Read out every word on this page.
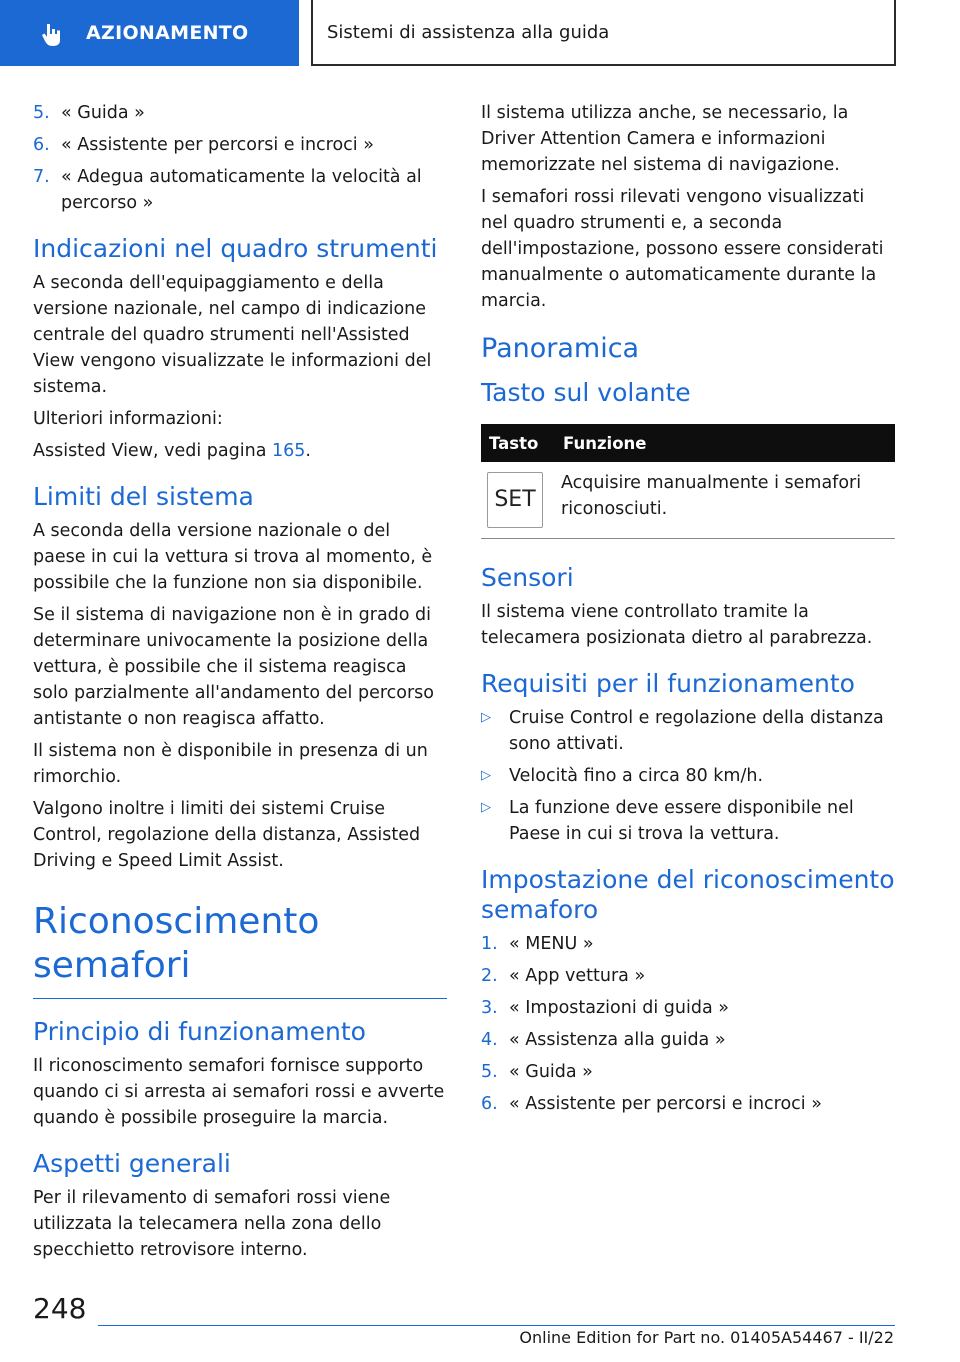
AZIONAMENTO	Sistemi di assistenza alla guida
5. « Guida »
6. « Assistente per percorsi e incroci »
7. « Adegua automaticamente la velocità al percorso »
Indicazioni nel quadro strumenti

A seconda dell'equipaggiamento e della versione nazionale, nel campo di indicazione centrale del quadro strumenti nell'Assisted View vengono visualizzate le informazioni del sistema.

Ulteriori informazioni:

Assisted View, vedi pagina 165.

Limiti del sistema

A seconda della versione nazionale o del paese in cui la vettura si trova al momento, è possibile che la funzione non sia disponibile.

Se il sistema di navigazione non è in grado di determinare univocamente la posizione della vettura, è possibile che il sistema reagisca solo parzialmente all'andamento del percorso antistante o non reagisca affatto.

Il sistema non è disponibile in presenza di un rimorchio.

Valgono inoltre i limiti dei sistemi Cruise Control, regolazione della distanza, Assisted Driving e Speed Limit Assist.

Riconoscimento semafori
Principio di funzionamento

Il riconoscimento semafori fornisce supporto quando ci si arresta ai semafori rossi e avverte quando è possibile proseguire la marcia.

Aspetti generali

Per il rilevamento di semafori rossi viene utilizzata la telecamera nella zona dello specchietto retrovisore interno.

Il sistema utilizza anche, se necessario, la Driver Attention Camera e informazioni memorizzate nel sistema di navigazione.

I semafori rossi rilevati vengono visualizzati nel quadro strumenti e, a seconda dell'impostazione, possono essere considerati manualmente o automaticamente durante la marcia.

Panoramica
Tasto sul volante
Tasto	Funzione

SET	Acquisire manualmente i semafori riconosciuti.
Sensori

Il sistema viene controllato tramite la telecamera posizionata dietro al parabrezza.

Requisiti per il funzionamento
▷ Cruise Control e regolazione della distanza sono attivati.
▷ Velocità fino a circa 80 km/h.
▷ La funzione deve essere disponibile nel Paese in cui si trova la vettura.
Impostazione del riconoscimento semaforo
1. « MENU »
2. « App vettura »
3. « Impostazioni di guida »
4. « Assistenza alla guida »
5. « Guida »
6. « Assistente per percorsi e incroci »
248
Online Edition for Part no. 01405A54467 - II/22
